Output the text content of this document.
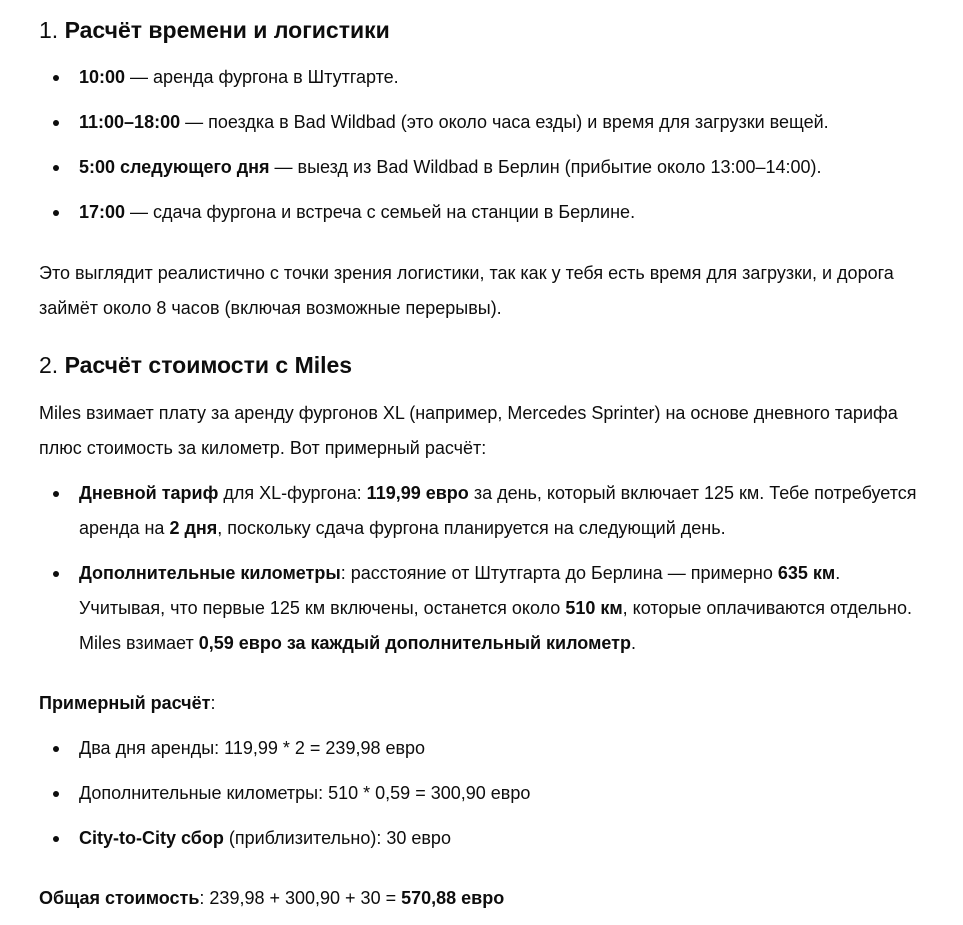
1. Расчёт времени и логистики
10:00 — аренда фургона в Штутгарте.
11:00–18:00 — поездка в Bad Wildbad (это около часа езды) и время для загрузки вещей.
5:00 следующего дня — выезд из Bad Wildbad в Берлин (прибытие около 13:00–14:00).
17:00 — сдача фургона и встреча с семьей на станции в Берлине.

Это выглядит реалистично с точки зрения логистики, так как у тебя есть время для загрузки, и дорога займёт около 8 часов (включая возможные перерывы).

2. Расчёт стоимости с Miles

Miles взимает плату за аренду фургонов XL (например, Mercedes Sprinter) на основе дневного тарифа плюс стоимость за километр. Вот примерный расчёт:

Дневной тариф для XL-фургона: 119,99 евро за день, который включает 125 км. Тебе потребуется аренда на 2 дня, поскольку сдача фургона планируется на следующий день.
Дополнительные километры: расстояние от Штутгарта до Берлина — примерно 635 км. Учитывая, что первые 125 км включены, останется около 510 км, которые оплачиваются отдельно. Miles взимает 0,59 евро за каждый дополнительный километр.

Примерный расчёт:

Два дня аренды: 119,99 * 2 = 239,98 евро
Дополнительные километры: 510 * 0,59 = 300,90 евро
City-to-City сбор (приблизительно): 30 евро

Общая стоимость: 239,98 + 300,90 + 30 = 570,88 евро
